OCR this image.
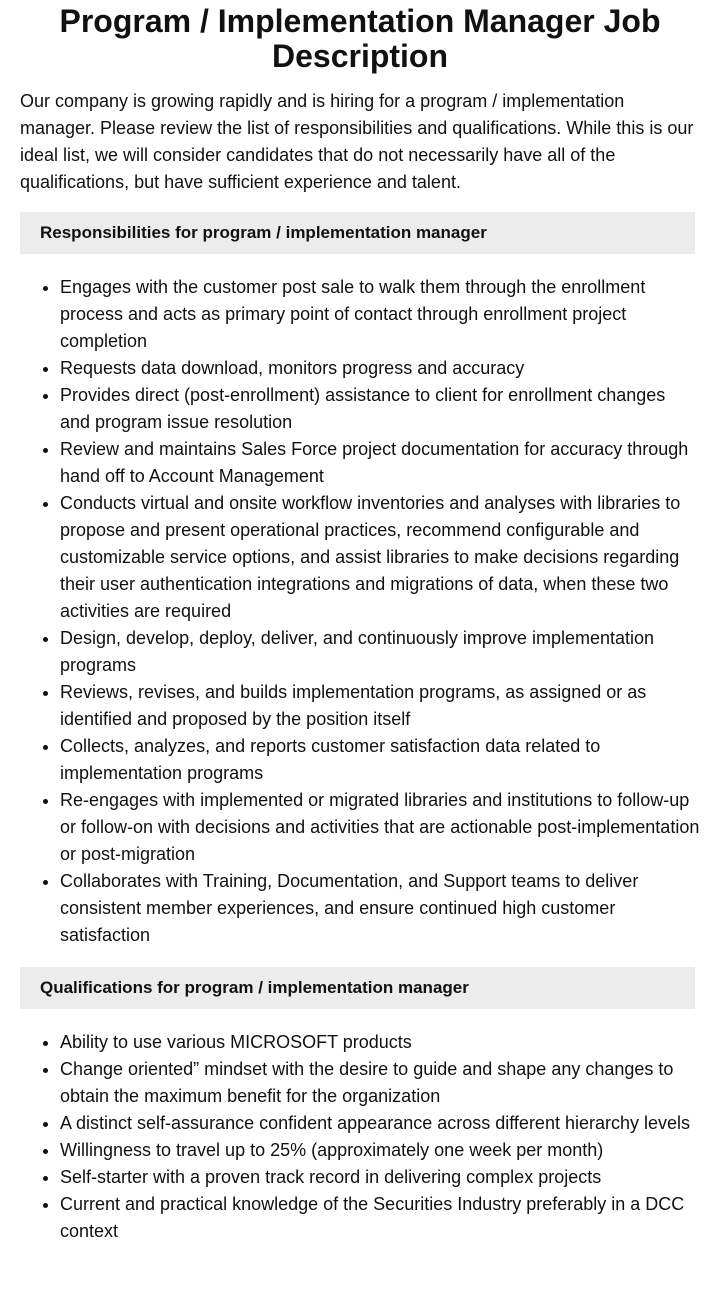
Program / Implementation Manager Job Description

Our company is growing rapidly and is hiring for a program / implementation manager. Please review the list of responsibilities and qualifications. While this is our ideal list, we will consider candidates that do not necessarily have all of the qualifications, but have sufficient experience and talent.

Responsibilities for program / implementation manager
• Engages with the customer post sale to walk them through the enrollment process and acts as primary point of contact through enrollment project completion
• Requests data download, monitors progress and accuracy
• Provides direct (post-enrollment) assistance to client for enrollment changes and program issue resolution
• Review and maintains Sales Force project documentation for accuracy through hand off to Account Management
• Conducts virtual and onsite workflow inventories and analyses with libraries to propose and present operational practices, recommend configurable and customizable service options, and assist libraries to make decisions regarding their user authentication integrations and migrations of data, when these two activities are required
• Design, develop, deploy, deliver, and continuously improve implementation programs
• Reviews, revises, and builds implementation programs, as assigned or as identified and proposed by the position itself
• Collects, analyzes, and reports customer satisfaction data related to implementation programs
• Re-engages with implemented or migrated libraries and institutions to follow-up or follow-on with decisions and activities that are actionable post-implementation or post-migration
• Collaborates with Training, Documentation, and Support teams to deliver consistent member experiences, and ensure continued high customer satisfaction
Qualifications for program / implementation manager
• Ability to use various MICROSOFT products
• Change oriented” mindset with the desire to guide and shape any changes to obtain the maximum benefit for the organization
• A distinct self-assurance confident appearance across different hierarchy levels
• Willingness to travel up to 25% (approximately one week per month)
• Self-starter with a proven track record in delivering complex projects
• Current and practical knowledge of the Securities Industry preferably in a DCC context
